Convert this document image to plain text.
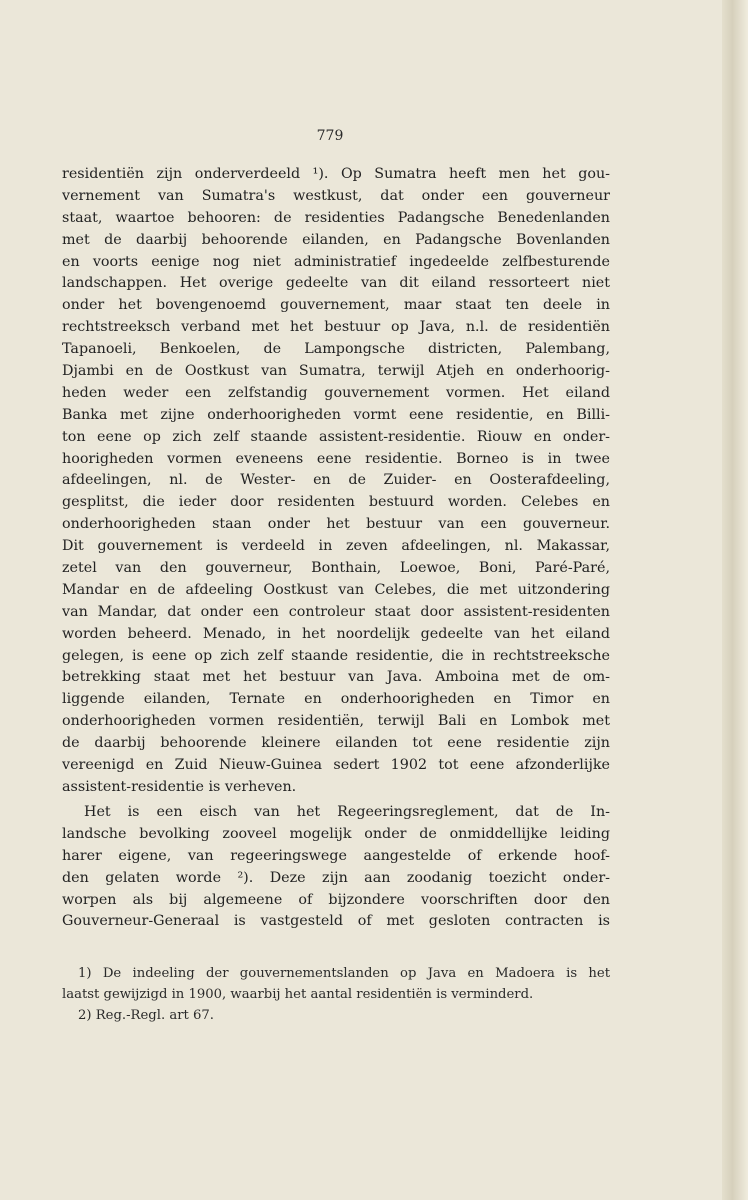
779
residentiën zijn onderverdeeld ¹). Op Sumatra heeft men het gou-
vernement van Sumatra's westkust, dat onder een gouverneur
staat, waartoe behooren: de residenties Padangsche Benedenlanden
met de daarbij behoorende eilanden, en Padangsche Bovenlanden
en voorts eenige nog niet administratief ingedeelde zelfbesturende
landschappen. Het overige gedeelte van dit eiland ressorteert niet
onder het bovengenoemd gouvernement, maar staat ten deele in
rechtstreeksch verband met het bestuur op Java, n.l. de residentiën
Tapanoeli, Benkoelen, de Lampongsche districten, Palembang,
Djambi en de Oostkust van Sumatra, terwijl Atjeh en onderhoorig-
heden weder een zelfstandig gouvernement vormen. Het eiland
Banka met zijne onderhoorigheden vormt eene residentie, en Billi-
ton eene op zich zelf staande assistent-residentie. Riouw en onder-
hoorigheden vormen eveneens eene residentie. Borneo is in twee
afdeelingen, nl. de Wester- en de Zuider- en Oosterafdeeling,
gesplitst, die ieder door residenten bestuurd worden. Celebes en
onderhoorigheden staan onder het bestuur van een gouverneur.
Dit gouvernement is verdeeld in zeven afdeelingen, nl. Makassar,
zetel van den gouverneur, Bonthain, Loewoe, Boni, Paré-Paré,
Mandar en de afdeeling Oostkust van Celebes, die met uitzondering
van Mandar, dat onder een controleur staat door assistent-residenten
worden beheerd. Menado, in het noordelijk gedeelte van het eiland
gelegen, is eene op zich zelf staande residentie, die in rechtstreeksche
betrekking staat met het bestuur van Java. Amboina met de om-
liggende eilanden, Ternate en onderhoorigheden en Timor en
onderhoorigheden vormen residentiën, terwijl Bali en Lombok met
de daarbij behoorende kleinere eilanden tot eene residentie zijn
vereenigd en Zuid Nieuw-Guinea sedert 1902 tot eene afzonderlijke
assistent-residentie is verheven.
Het is een eisch van het Regeeringsreglement, dat de In-
landsche bevolking zooveel mogelijk onder de onmiddellijke leiding
harer eigene, van regeeringswege aangestelde of erkende hoof-
den gelaten worde ²). Deze zijn aan zoodanig toezicht onder-
worpen als bij algemeene of bijzondere voorschriften door den
Gouverneur-Generaal is vastgesteld of met gesloten contracten is
1) De indeeling der gouvernementslanden op Java en Madoera is het
laatst gewijzigd in 1900, waarbij het aantal residentiën is verminderd.
2) Reg.-Regl. art 67.
